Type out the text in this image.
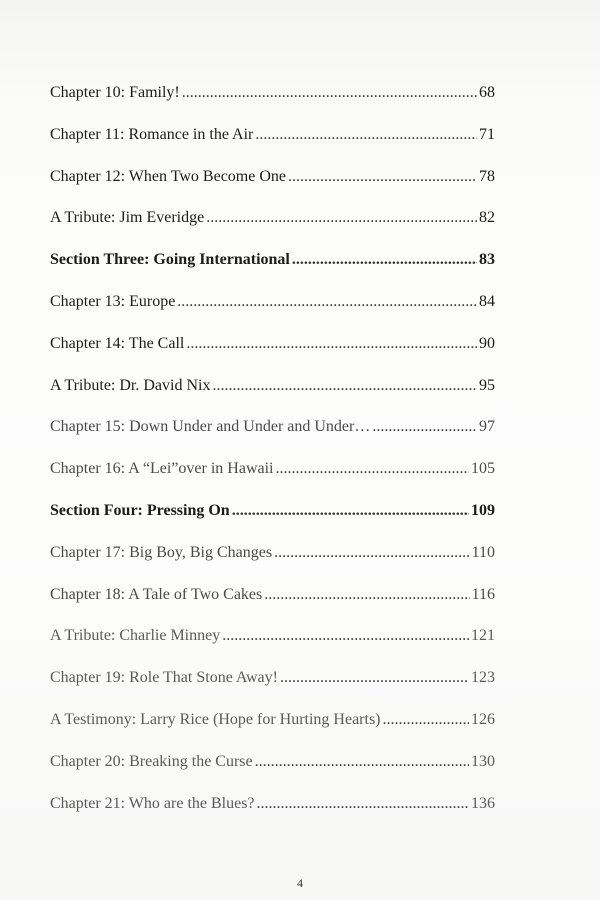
Chapter 10: Family! .....	68
Chapter 11: Romance in the Air .....	71
Chapter 12: When Two Become One .....	78
A Tribute: Jim Everidge .....	82
Section Three: Going International .....	83
Chapter 13: Europe .....	84
Chapter 14: The Call .....	90
A Tribute: Dr. David Nix .....	95
Chapter 15: Down Under and Under and Under… .....	97
Chapter 16: A “Lei”over in Hawaii .....	105
Section Four: Pressing On .....	109
Chapter 17: Big Boy, Big Changes .....	110
Chapter 18: A Tale of Two Cakes .....	116
A Tribute: Charlie Minney .....	121
Chapter 19: Role That Stone Away! .....	123
A Testimony: Larry Rice (Hope for Hurting Hearts) .....	126
Chapter 20: Breaking the Curse .....	130
Chapter 21: Who are the Blues? .....	136
4
